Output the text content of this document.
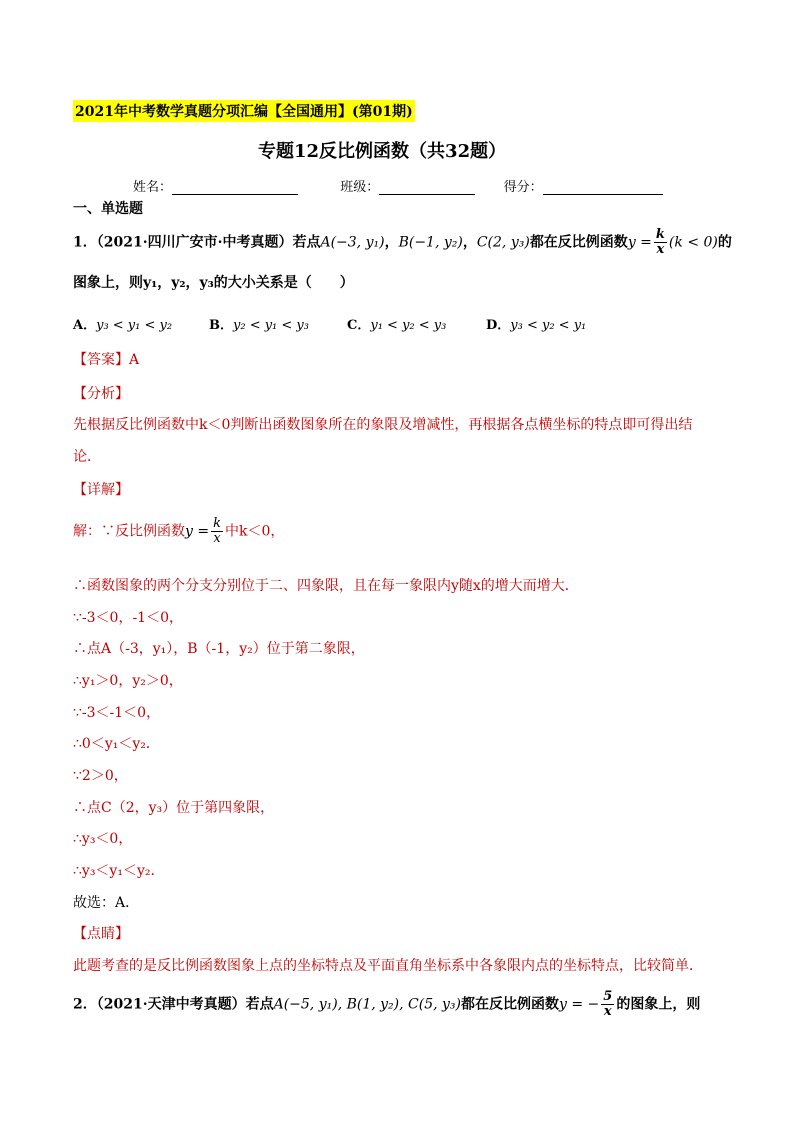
2021年中考数学真题分项汇编【全国通用】(第01期)
专题12反比例函数（共32题）
姓名：	班级：	得分：
一、单选题
1．（2021·四川广安市·中考真题）若点A(−3, y₁)，B(−1, y₂)，C(2, y₃)都在反比例函数$y = \frac{k}{x} (k < 0)$的
图象上，则y₁，y₂，y₃的大小关系是（　　）
A．y₃ < y₁ < y₂	B．y₂ < y₁ < y₃	C．y₁ < y₂ < y₃	D．y₃ < y₂ < y₁
【答案】A
【分析】
先根据反比例函数中k＜0判断出函数图象所在的象限及增减性，再根据各点横坐标的特点即可得出结
论．
【详解】
解：∵反比例函数$y = \frac{k}{x}$ 中k＜0，
∴函数图象的两个分支分别位于二、四象限，且在每一象限内y随x的增大而增大．
∵-3＜0，-1＜0，
∴点A（-3，y₁），B（-1，y₂）位于第二象限，
∴y₁＞0，y₂＞0，
∵-3＜-1＜0，
∴0＜y₁＜y₂．
∵2＞0，
∴点C（2，y₃）位于第四象限，
∴y₃＜0，
∴y₃＜y₁＜y₂．
故选：A．
【点睛】
此题考查的是反比例函数图象上点的坐标特点及平面直角坐标系中各象限内点的坐标特点，比较简单．
2．（2021·天津中考真题）若点A(−5, y₁), B(1, y₂), C(5, y₃)都在反比例函数y = − $\frac{5}{x}$ 的图象上，则
